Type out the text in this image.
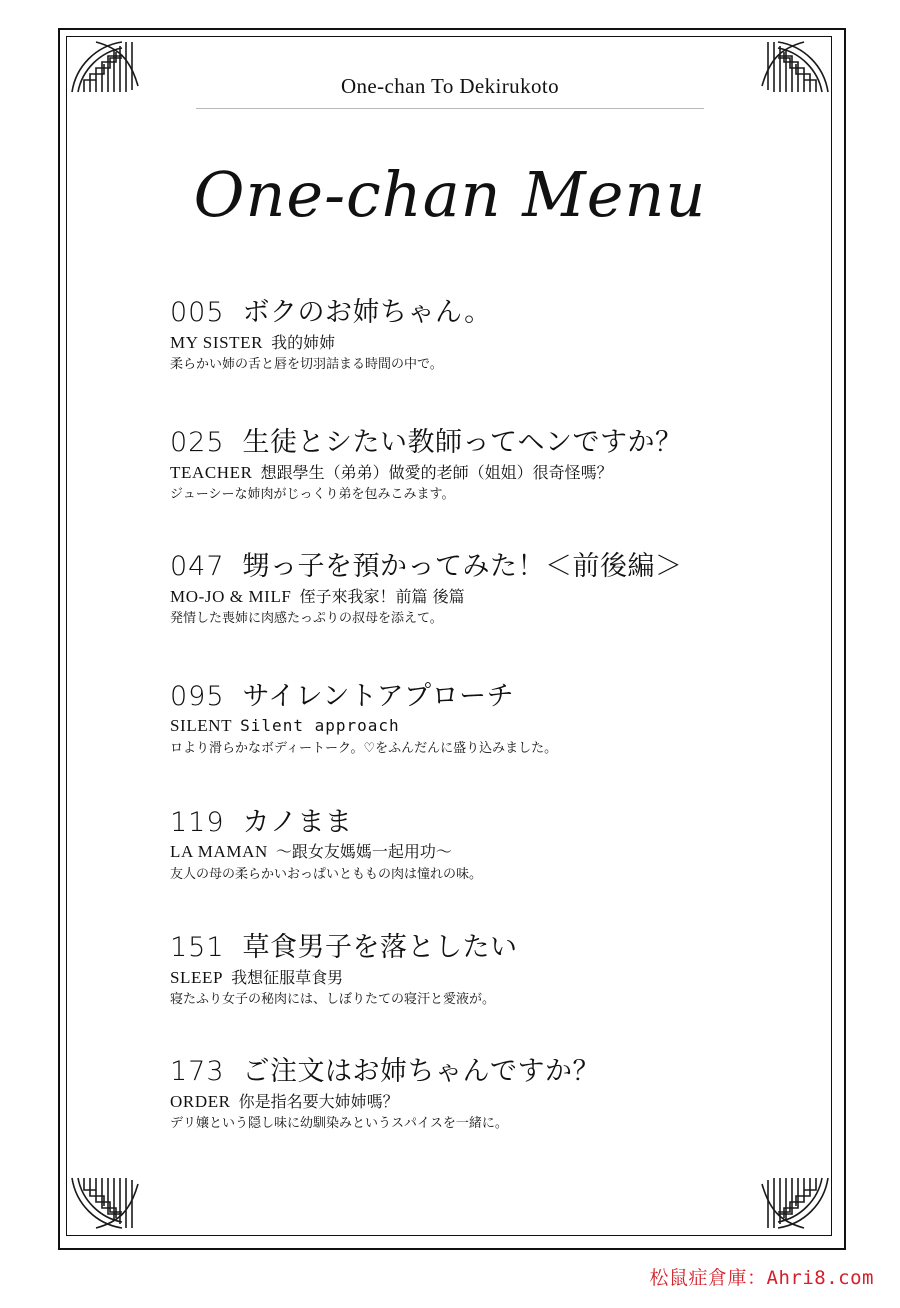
One-chan To Dekirukoto
One-chan Menu
005 ボクのお姉ちゃん。
MY SISTER 我的姉姉
柔らかい姉の舌と唇を切羽詰まる時間の中で。
025 生徒とシたい教師ってヘンですか？
TEACHER 想跟學生（弟弟）做愛的老師（姐姐）很奇怪嗎？
ジューシーな姉肉がじっくり弟を包みこみます。
047 甥っ子を預かってみた！＜前後編＞
MO-JO & MILF 侄子來我家！前篇 後篇
発情した喪姉に肉感たっぷりの叔母を添えて。
095 サイレントアプローチ
SILENT Silent approach
ロより滑らかなボディートーク。♡をふんだんに盛り込みました。
119 カノまま
LA MAMAN 〜跟女友媽媽一起用功〜
友人の母の柔らかいおっぱいとももの肉は憧れの味。
151 草食男子を落としたい
SLEEP 我想征服草食男
寝たふり女子の秘肉には、しぼりたての寝汗と愛液が。
173 ご注文はお姉ちゃんですか？
ORDER 你是指名要大姉姉嗎？
デリ嬢という隠し味に幼馴染みというスパイスを一緒に。
松鼠症倉庫：Ahri8.com
